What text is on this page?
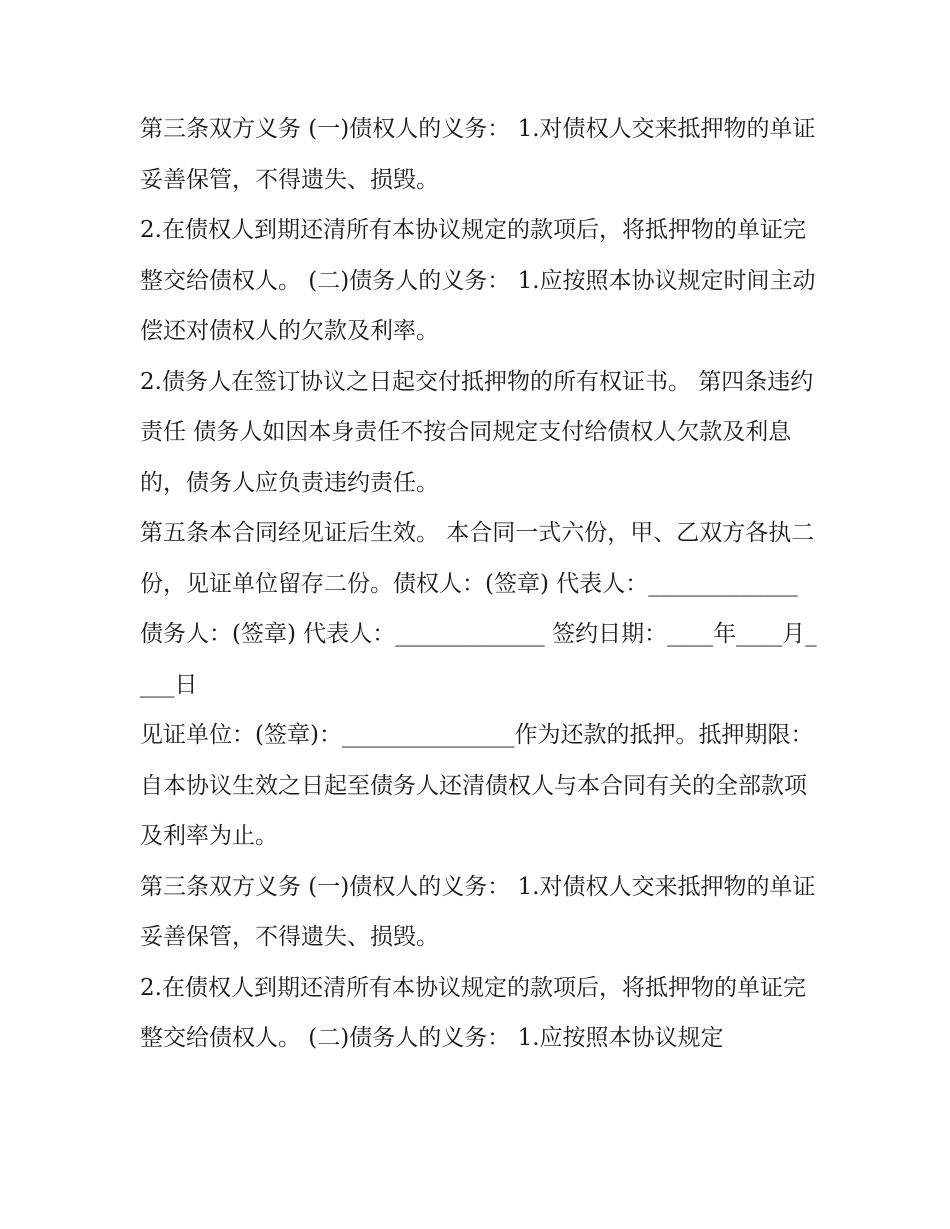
第三条双方义务 (一)债权人的义务： 1.对债权人交来抵押物的单证妥善保管，不得遗失、损毁。

2.在债权人到期还清所有本协议规定的款项后，将抵押物的单证完整交给债权人。 (二)债务人的义务： 1.应按照本协议规定时间主动偿还对债权人的欠款及利率。

2.债务人在签订协议之日起交付抵押物的所有权证书。 第四条违约责任 债务人如因本身责任不按合同规定支付给债权人欠款及利息的，债务人应负责违约责任。

第五条本合同经见证后生效。 本合同一式六份，甲、乙双方各执二份，见证单位留存二份。债权人：(签章) 代表人：_____________

债务人：(签章) 代表人：_____________ 签约日期：____年____月____日

见证单位：(签章)：_______________作为还款的抵押。抵押期限：自本协议生效之日起至债务人还清债权人与本合同有关的全部款项及利率为止。

第三条双方义务 (一)债权人的义务： 1.对债权人交来抵押物的单证妥善保管，不得遗失、损毁。

2.在债权人到期还清所有本协议规定的款项后，将抵押物的单证完整交给债权人。 (二)债务人的义务： 1.应按照本协议规定
